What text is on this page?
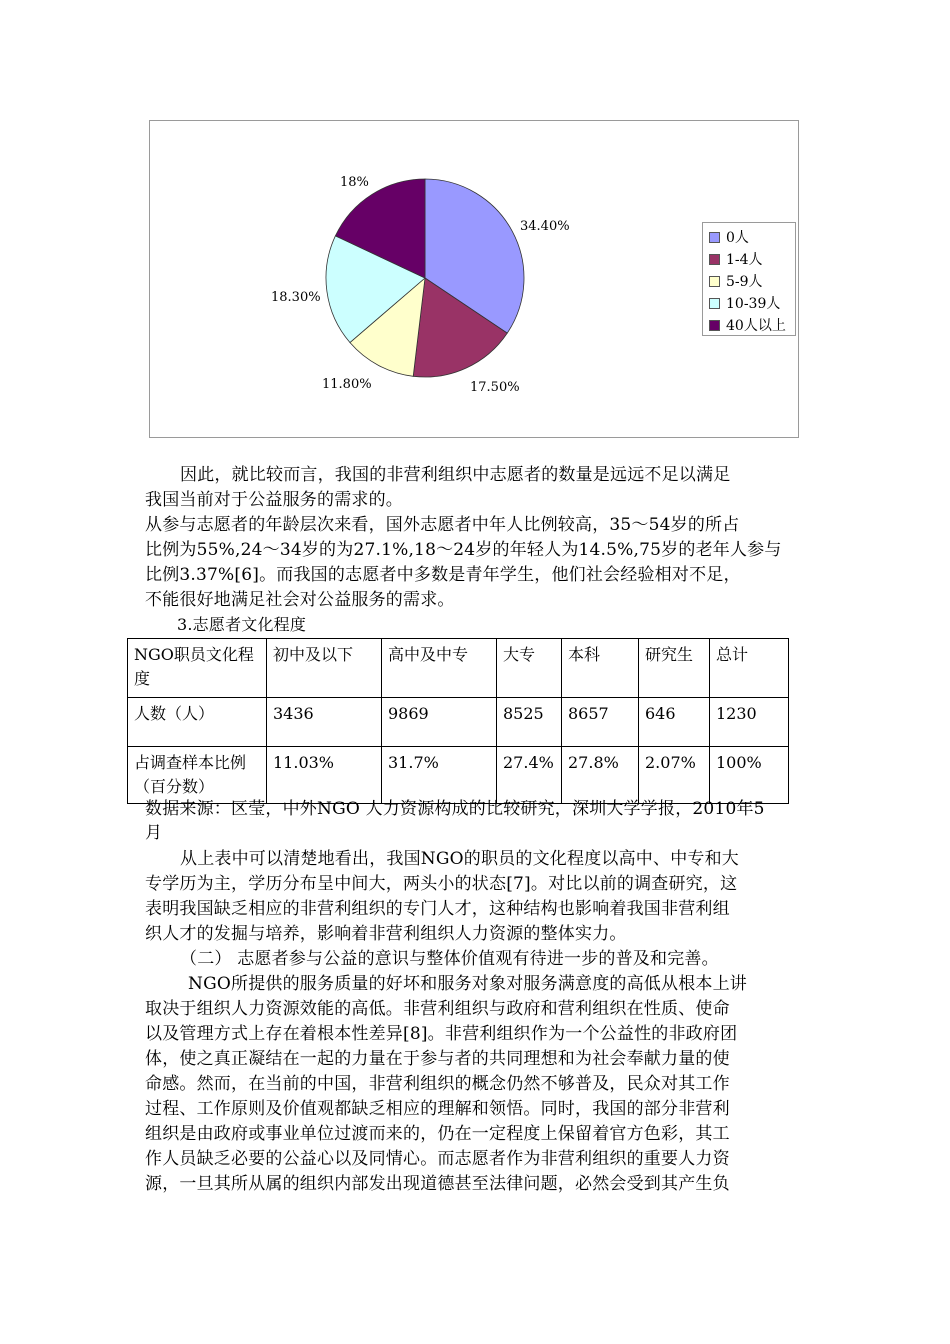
34.40%
17.50%
11.80%
18.30%
18%
0人
1-4人
5-9人
10-39人
40人以上
因此，就比较而言，我国的非营利组织中志愿者的数量是远远不足以满足
我国当前对于公益服务的需求的。
从参与志愿者的年龄层次来看，国外志愿者中年人比例较高，35～54岁的所占
比例为55%,24～34岁的为27.1%,18～24岁的年轻人为14.5%,75岁的老年人参与
比例3.37%[6]。而我国的志愿者中多数是青年学生，他们社会经验相对不足，
不能很好地满足社会对公益服务的需求。
3.志愿者文化程度
NGO职员文化程度	初中及以下	高中及中专	大专	本科	研究生	总计
人数（人）	3436	9869	8525	8657	646	1230
占调查样本比例（百分数）	11.03%	31.7%	27.4%	27.8%	2.07%	100%
数据来源：区莹，中外NGO 人力资源构成的比较研究，深圳大学学报，2010年5
月
从上表中可以清楚地看出，我国NGO的职员的文化程度以高中、中专和大
专学历为主，学历分布呈中间大，两头小的状态[7]。对比以前的调查研究，这
表明我国缺乏相应的非营利组织的专门人才，这种结构也影响着我国非营利组
织人才的发掘与培养，影响着非营利组织人力资源的整体实力。
（二） 志愿者参与公益的意识与整体价值观有待进一步的普及和完善。
NGO所提供的服务质量的好坏和服务对象对服务满意度的高低从根本上讲
取决于组织人力资源效能的高低。非营利组织与政府和营利组织在性质、使命
以及管理方式上存在着根本性差异[8]。非营利组织作为一个公益性的非政府团
体，使之真正凝结在一起的力量在于参与者的共同理想和为社会奉献力量的使
命感。然而，在当前的中国，非营利组织的概念仍然不够普及，民众对其工作
过程、工作原则及价值观都缺乏相应的理解和领悟。同时，我国的部分非营利
组织是由政府或事业单位过渡而来的，仍在一定程度上保留着官方色彩，其工
作人员缺乏必要的公益心以及同情心。而志愿者作为非营利组织的重要人力资
源，一旦其所从属的组织内部发出现道德甚至法律问题，必然会受到其产生负
